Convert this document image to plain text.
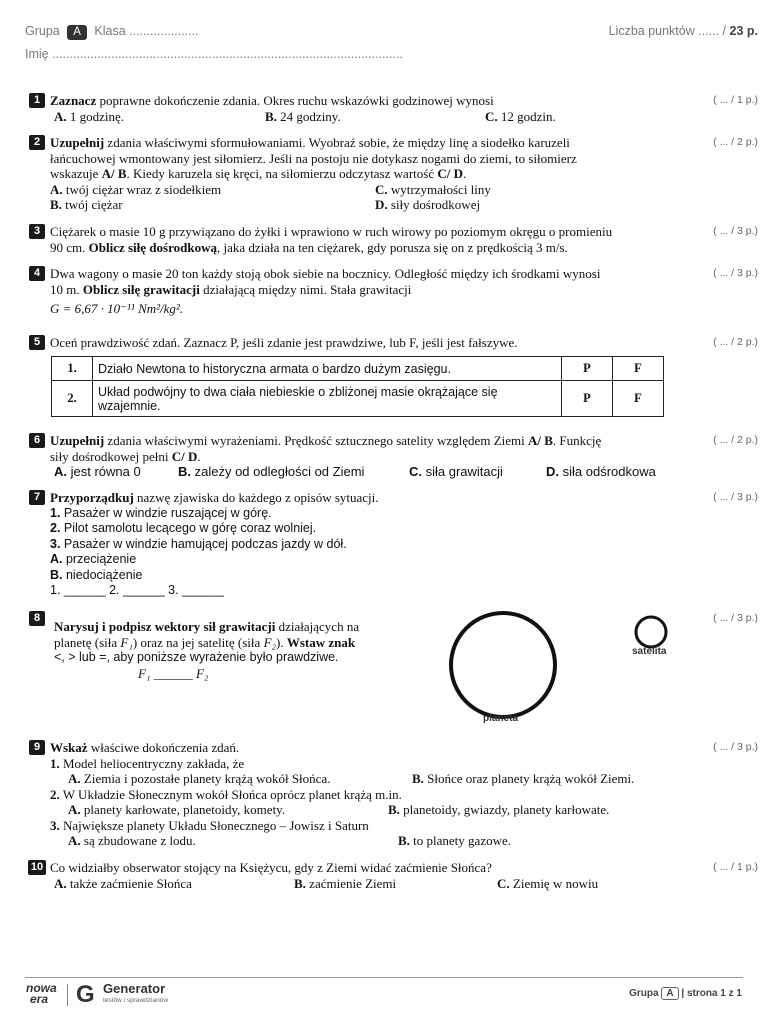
Grupa A Klasa ....................
Imię .....................................................................................................
Liczba punktów ...... / 23 p.
1	( ... / 1 p.)

Zaznacz poprawne dokończenie zdania. Okres ruchu wskazówki godzinowej wynosi

A. 1 godzinę.	B. 24 godziny.	C. 12 godzin.
2	( ... / 2 p.)

Uzupełnij zdania właściwymi sformułowaniami. Wyobraź sobie, że między linę a siodełko karuzeli

łańcuchowej wmontowany jest siłomierz. Jeśli na postoju nie dotykasz nogami do ziemi, to siłomierz

wskazuje A/ B. Kiedy karuzela się kręci, na siłomierzu odczytasz wartość C/ D.

A. twój ciężar wraz z siodełkiem	C. wytrzymałości liny
B. twój ciężar	D. siły dośrodkowej
3	( ... / 3 p.)

Ciężarek o masie 10 g przywiązano do żyłki i wprawiono w ruch wirowy po poziomym okręgu o promieniu

90 cm. Oblicz siłę dośrodkową, jaka działa na ten ciężarek, gdy porusza się on z prędkością 3 m/s.

4	( ... / 3 p.)

Dwa wagony o masie 20 ton każdy stoją obok siebie na bocznicy. Odległość między ich środkami wynosi

10 m. Oblicz siłę grawitacji działającą między nimi. Stała grawitacji

G = 6,67 · 10⁻¹¹ Nm²/kg².

5	( ... / 2 p.)

Oceń prawdziwość zdań. Zaznacz P, jeśli zdanie jest prawdziwe, lub F, jeśli jest fałszywe.

1.	Działo Newtona to historyczna armata o bardzo dużym zasięgu.	P	F
2.	Układ podwójny to dwa ciała niebieskie o zbliżonej masie okrążające się wzajemnie.	P	F
6	( ... / 2 p.)

Uzupełnij zdania właściwymi wyrażeniami. Prędkość sztucznego satelity względem Ziemi A/ B. Funkcję

siły dośrodkowej pełni C/ D.

A. jest równa 0	B. zależy od odległości od Ziemi	C. siła grawitacji	D. siła odśrodkowa
7	( ... / 3 p.)

Przyporządkuj nazwę zjawiska do każdego z opisów sytuacji.

1. Pasażer w windzie ruszającej w górę.

2. Pilot samolotu lecącego w górę coraz wolniej.

3. Pasażer w windzie hamującej podczas jazdy w dół.

A. przeciążenie

B. niedociążenie

1. ______ 2. ______ 3. ______

8	( ... / 3 p.)

Narysuj i podpisz wektory sił grawitacji działających na

planetę (siła F₁) oraz na jej satelitę (siła F₂). Wstaw znak

<, > lub =, aby poniższe wyrażenie było prawdziwe.

F₁ ______ F₂

planeta
satelita
9	( ... / 3 p.)

Wskaż właściwe dokończenia zdań.

1. Model heliocentryczny zakłada, że

A. Ziemia i pozostałe planety krążą wokół Słońca.	B. Słońce oraz planety krążą wokół Ziemi.

2. W Układzie Słonecznym wokół Słońca oprócz planet krążą m.in.

A. planety karłowate, planetoidy, komety.	B. planetoidy, gwiazdy, planety karłowate.

3. Największe planety Układu Słonecznego – Jowisz i Saturn

A. są zbudowane z lodu.	B. to planety gazowe.
10	( ... / 1 p.)

Co widziałby obserwator stojący na Księżycu, gdy z Ziemi widać zaćmienie Słońca?

A. także zaćmienie Słońca	B. zaćmienie Ziemi	C. Ziemię w nowiu
nowa
era	G Generator
testów i sprawdzianów
Grupa A | strona 1 z 1
